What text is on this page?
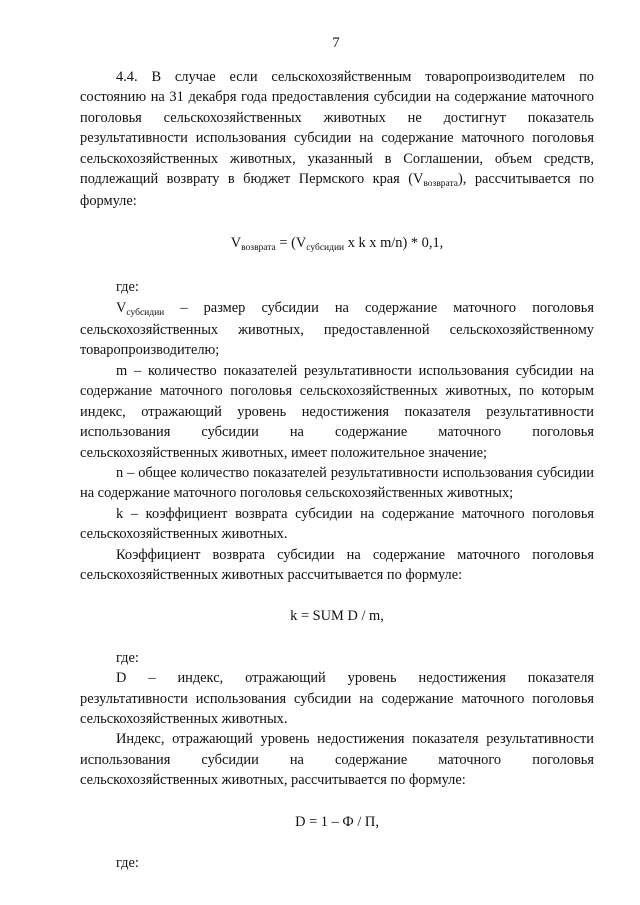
7

4.4. В случае если сельскохозяйственным товаропроизводителем по состоянию на 31 декабря года предоставления субсидии на содержание маточного поголовья сельскохозяйственных животных не достигнут показатель результативности использования субсидии на содержание маточного поголовья сельскохозяйственных животных, указанный в Соглашении, объем средств, подлежащий возврату в бюджет Пермского края $(V_{возврата})$, рассчитывается по формуле:

$V_{возврата} = (V_{субсидии}$ x k x m/n) * 0,1,

где:

$V_{субсидии}$ – размер субсидии на содержание маточного поголовья сельскохозяйственных животных, предоставленной сельскохозяйственному товаропроизводителю;

m – количество показателей результативности использования субсидии на содержание маточного поголовья сельскохозяйственных животных, по которым индекс, отражающий уровень недостижения показателя результативности использования субсидии на содержание маточного поголовья сельскохозяйственных животных, имеет положительное значение;

n – общее количество показателей результативности использования субсидии на содержание маточного поголовья сельскохозяйственных животных;

k – коэффициент возврата субсидии на содержание маточного поголовья сельскохозяйственных животных.

Коэффициент возврата субсидии на содержание маточного поголовья сельскохозяйственных животных рассчитывается по формуле:

k = SUM D / m,

где:

D – индекс, отражающий уровень недостижения показателя результативности использования субсидии на содержание маточного поголовья сельскохозяйственных животных.

Индекс, отражающий уровень недостижения показателя результативности использования субсидии на содержание маточного поголовья сельскохозяйственных животных, рассчитывается по формуле:

D = 1 – Ф / П,

где:
